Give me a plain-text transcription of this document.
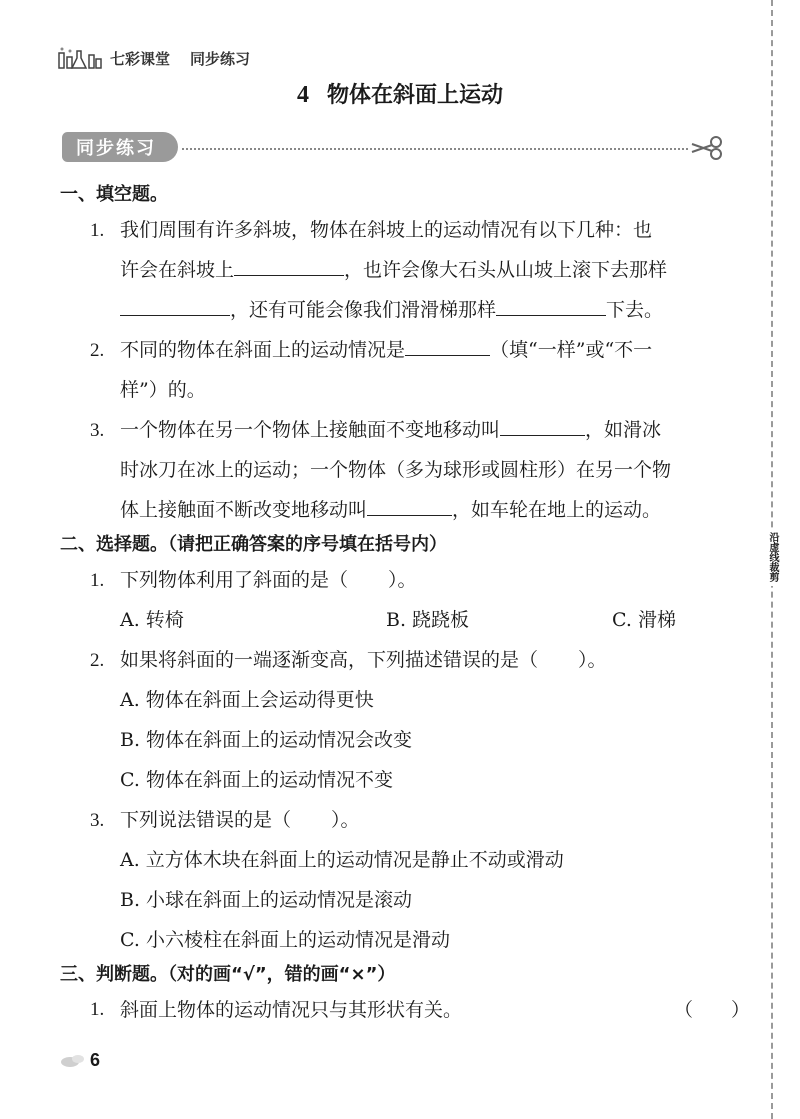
七彩课堂 同步练习
4 物体在斜面上运动
同步练习
沿虚线裁剪
一、填空题。
1. 我们周围有许多斜坡，物体在斜坡上的运动情况有以下几种：也
许会在斜坡上	，也许会像大石头从山坡上滚下去那样
，还有可能会像我们滑滑梯那样	下去。
2. 不同的物体在斜面上的运动情况是	（填“一样”或“不一
样”）的。
3. 一个物体在另一个物体上接触面不变地移动叫	，如滑冰
时冰刀在冰上的运动；一个物体（多为球形或圆柱形）在另一个物
体上接触面不断改变地移动叫	，如车轮在地上的运动。
二、选择题。（请把正确答案的序号填在括号内）
1. 下列物体利用了斜面的是（ ）。
A. 转椅	B. 跷跷板	C. 滑梯
2. 如果将斜面的一端逐渐变高，下列描述错误的是（ ）。
A. 物体在斜面上会运动得更快
B. 物体在斜面上的运动情况会改变
C. 物体在斜面上的运动情况不变
3. 下列说法错误的是（ ）。
A. 立方体木块在斜面上的运动情况是静止不动或滑动
B. 小球在斜面上的运动情况是滚动
C. 小六棱柱在斜面上的运动情况是滑动
三、判断题。（对的画“√”，错的画“×”）
1. 斜面上物体的运动情况只与其形状有关。	（　　）
6
